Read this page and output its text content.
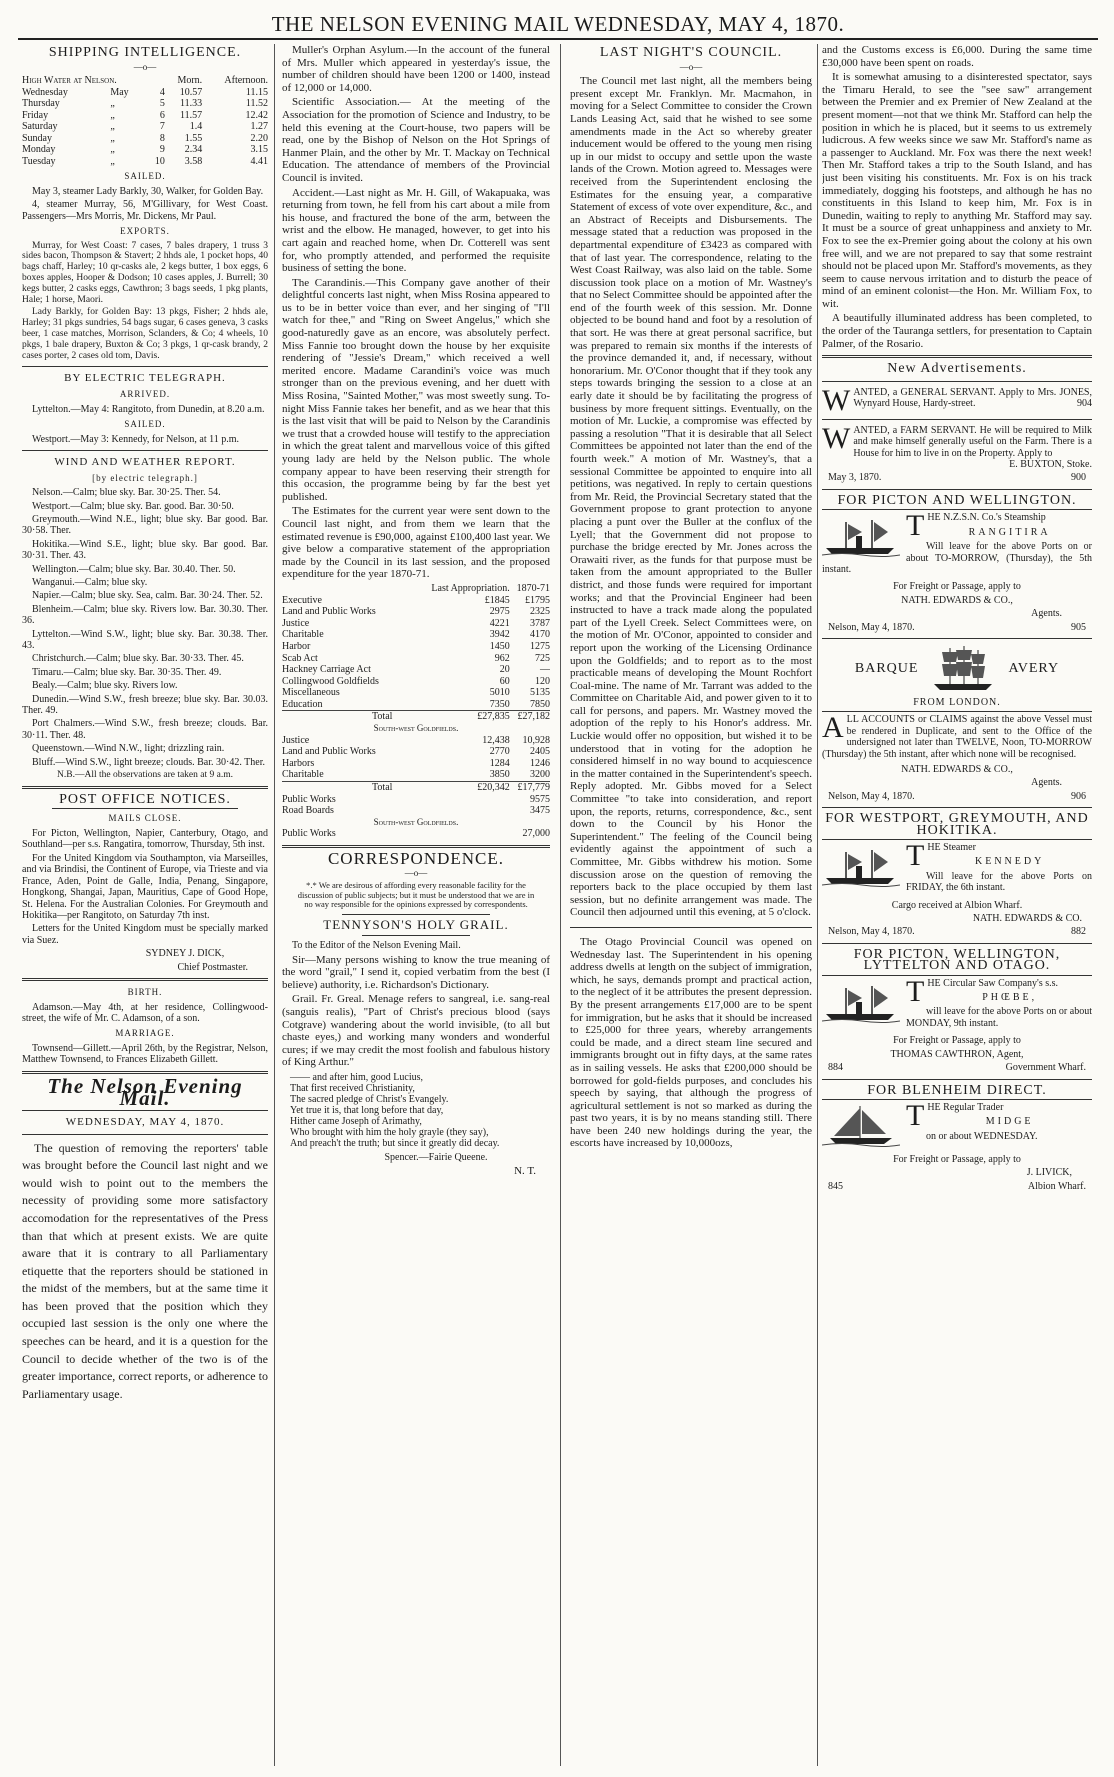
THE NELSON EVENING MAIL WEDNESDAY, MAY 4, 1870.
SHIPPING INTELLIGENCE.
—o—
High Water at Nelson.			Morn.	Afternoon.
Wednesday	May	4	10.57	11.15
Thursday	„	5	11.33	11.52
Friday	„	6	11.57	12.42
Saturday	„	7	1.4	1.27
Sunday	„	8	1.55	2.20
Monday	„	9	2.34	3.15
Tuesday	„	10	3.58	4.41
SAILED.

May 3, steamer Lady Barkly, 30, Walker, for Golden Bay.

4, steamer Murray, 56, M'Gillivary, for West Coast. Passengers—Mrs Morris, Mr. Dickens, Mr Paul.

EXPORTS.

Murray, for West Coast: 7 cases, 7 bales drapery, 1 truss 3 sides bacon, Thompson & Stavert; 2 hhds ale, 1 pocket hops, 40 bags chaff, Harley; 10 qr-casks ale, 2 kegs butter, 1 box eggs, 6 boxes apples, Hooper & Dodson; 10 cases apples, J. Burrell; 30 kegs butter, 2 casks eggs, Cawthron; 3 bags seeds, 1 pkg plants, Hale; 1 horse, Maori.

Lady Barkly, for Golden Bay: 13 pkgs, Fisher; 2 hhds ale, Harley; 31 pkgs sundries, 54 bags sugar, 6 cases geneva, 3 casks beer, 1 case matches, Morrison, Sclanders, & Co; 4 wheels, 10 pkgs, 1 bale drapery, Buxton & Co; 3 pkgs, 1 qr-cask brandy, 2 cases porter, 2 cases old tom, Davis.

BY ELECTRIC TELEGRAPH.
ARRIVED.

Lyttelton.—May 4: Rangitoto, from Dunedin, at 8.20 a.m.

SAILED.

Westport.—May 3: Kennedy, for Nelson, at 11 p.m.

WIND AND WEATHER REPORT.
[by electric telegraph.]

Nelson.—Calm; blue sky. Bar. 30·25. Ther. 54.

Westport.—Calm; blue sky. Bar. good. Bar. 30·50.

Greymouth.—Wind N.E., light; blue sky. Bar good. Bar. 30·58. Ther.

Hokitika.—Wind S.E., light; blue sky. Bar good. Bar. 30·31. Ther. 43.

Wellington.—Calm; blue sky. Bar. 30.40. Ther. 50.

Wanganui.—Calm; blue sky.

Napier.—Calm; blue sky. Sea, calm. Bar. 30·24. Ther. 52.

Blenheim.—Calm; blue sky. Rivers low. Bar. 30.30. Ther. 36.

Lyttelton.—Wind S.W., light; blue sky. Bar. 30.38. Ther. 43.

Christchurch.—Calm; blue sky. Bar. 30·33. Ther. 45.

Timaru.—Calm; blue sky. Bar. 30·35. Ther. 49.

Bealy.—Calm; blue sky. Rivers low.

Dunedin.—Wind S.W., fresh breeze; blue sky. Bar. 30.03. Ther. 49.

Port Chalmers.—Wind S.W., fresh breeze; clouds. Bar. 30·11. Ther. 48.

Queenstown.—Wind N.W., light; drizzling rain.

Bluff.—Wind S.W., light breeze; clouds. Bar. 30·42. Ther.

N.B.—All the observations are taken at 9 a.m.

POST OFFICE NOTICES.
MAILS CLOSE.

For Picton, Wellington, Napier, Canterbury, Otago, and Southland—per s.s. Rangatira, tomorrow, Thursday, 5th inst.

For the United Kingdom via Southampton, via Marseilles, and via Brindisi, the Continent of Europe, via Trieste and via France, Aden, Point de Galle, India, Penang, Singapore, Hongkong, Shangai, Japan, Mauritius, Cape of Good Hope, St. Helena. For the Australian Colonies. For Greymouth and Hokitika—per Rangitoto, on Saturday 7th inst.

Letters for the United Kingdom must be specially marked via Suez.

SYDNEY J. DICK,

Chief Postmaster.

BIRTH.

Adamson.—May 4th, at her residence, Collingwood-street, the wife of Mr. C. Adamson, of a son.

MARRIAGE.

Townsend—Gillett.—April 26th, by the Registrar, Nelson, Matthew Townsend, to Frances Elizabeth Gillett.

The Nelson Evening Mail.
WEDNESDAY, MAY 4, 1870.

The question of removing the reporters' table was brought before the Council last night and we would wish to point out to the members the necessity of providing some more satisfactory accomodation for the representatives of the Press than that which at present exists. We are quite aware that it is contrary to all Parliamentary etiquette that the reporters should be stationed in the midst of the members, but at the same time it has been proved that the position which they occupied last session is the only one where the speeches can be heard, and it is a question for the Council to decide whether of the two is of the greater importance, correct reports, or adherence to Parliamentary usage.

Muller's Orphan Asylum.—In the account of the funeral of Mrs. Muller which appeared in yesterday's issue, the number of children should have been 1200 or 1400, instead of 12,000 or 14,000.

Scientific Association.— At the meeting of the Association for the promotion of Science and Industry, to be held this evening at the Court-house, two papers will be read, one by the Bishop of Nelson on the Hot Springs of Hanmer Plain, and the other by Mr. T. Mackay on Technical Education. The attendance of members of the Provincial Council is invited.

Accident.—Last night as Mr. H. Gill, of Wakapuaka, was returning from town, he fell from his cart about a mile from his house, and fractured the bone of the arm, between the wrist and the elbow. He managed, however, to get into his cart again and reached home, when Dr. Cotterell was sent for, who promptly attended, and performed the requisite business of setting the bone.

The Carandinis.—This Company gave another of their delightful concerts last night, when Miss Rosina appeared to us to be in better voice than ever, and her singing of "I'll watch for thee," and "Ring on Sweet Angelus," which she good-naturedly gave as an encore, was absolutely perfect. Miss Fannie too brought down the house by her exquisite rendering of "Jessie's Dream," which received a well merited encore. Madame Carandini's voice was much stronger than on the previous evening, and her duett with Miss Rosina, "Sainted Mother," was most sweetly sung. To-night Miss Fannie takes her benefit, and as we hear that this is the last visit that will be paid to Nelson by the Carandinis we trust that a crowded house will testify to the appreciation in which the great talent and marvellous voice of this gifted young lady are held by the Nelson public. The whole company appear to have been reserving their strength for this occasion, the programme being by far the best yet published.

The Estimates for the current year were sent down to the Council last night, and from them we learn that the estimated revenue is £90,000, against £100,400 last year. We give below a comparative statement of the appropriation made by the Council in its last session, and the proposed expenditure for the year 1870-71.

	Last Appropriation.	1870-71
Executive	£1845	£1795
Land and Public Works	2975	2325
Justice	4221	3787
Charitable	3942	4170
Harbor	1450	1275
Scab Act	962	725
Hackney Carriage Act	20	—
Collingwood Goldfields	60	120
Miscellaneous	5010	5135
Education	7350	7850
Total	£27,835	£27,182
South-west Goldfields.		
Justice	12,438	10,928
Land and Public Works	2770	2405
Harbors	1284	1246
Charitable	3850	3200
Total	£20,342	£17,779
Public Works		9575
Road Boards		3475
South-west Goldfields.		
Public Works		27,000
CORRESPONDENCE.
—o—

*.* We are desirous of affording every reasonable facility for the discussion of public subjects; but it must be understood that we are in no way responsible for the opinions expressed by correspondents.

TENNYSON'S HOLY GRAIL.

To the Editor of the Nelson Evening Mail.

Sir—Many persons wishing to know the true meaning of the word "grail," I send it, copied verbatim from the best (I believe) authority, i.e. Richardson's Dictionary.

Grail. Fr. Greal. Menage refers to sangreal, i.e. sang-real (sanguis realis), "Part of Christ's precious blood (says Cotgrave) wandering about the world invisible, (to all but chaste eyes,) and working many wonders and wonderful cures; if we may credit the most foolish and fabulous history of King Arthur."

—— and after him, good Lucius,
That first received Christianity,
The sacred pledge of Christ's Evangely.
Yet true it is, that long before that day,
Hither came Joseph of Arimathy,
Who brought with him the holy grayle (they say),
And preach't the truth; but since it greatly did decay.

Spencer.—Fairie Queene.

N. T.

LAST NIGHT'S COUNCIL.
—o—

The Council met last night, all the members being present except Mr. Franklyn. Mr. Macmahon, in moving for a Select Committee to consider the Crown Lands Leasing Act, said that he wished to see some amendments made in the Act so whereby greater inducement would be offered to the young men rising up in our midst to occupy and settle upon the waste lands of the Crown. Motion agreed to. Messages were received from the Superintendent enclosing the Estimates for the ensuing year, a comparative Statement of excess of vote over expenditure, &c., and an Abstract of Receipts and Disbursements. The message stated that a reduction was proposed in the departmental expenditure of £3423 as compared with that of last year. The correspondence, relating to the West Coast Railway, was also laid on the table. Some discussion took place on a motion of Mr. Wastney's that no Select Committee should be appointed after the end of the fourth week of this session. Mr. Donne objected to be bound hand and foot by a resolution of that sort. He was there at great personal sacrifice, but was prepared to remain six months if the interests of the province demanded it, and, if necessary, without honorarium. Mr. O'Conor thought that if they took any steps towards bringing the session to a close at an early date it should be by facilitating the progress of business by more frequent sittings. Eventually, on the motion of Mr. Luckie, a compromise was effected by passing a resolution "That it is desirable that all Select Committees be appointed not later than the end of the fourth week." A motion of Mr. Wastney's, that a sessional Committee be appointed to enquire into all petitions, was negatived. In reply to certain questions from Mr. Reid, the Provincial Secretary stated that the Government propose to grant protection to anyone placing a punt over the Buller at the conflux of the Lyell; that the Government did not propose to purchase the bridge erected by Mr. Jones across the Orawaiti river, as the funds for that purpose must be taken from the amount appropriated to the Buller district, and those funds were required for important works; and that the Provincial Engineer had been instructed to have a track made along the populated part of the Lyell Creek. Select Committees were, on the motion of Mr. O'Conor, appointed to consider and report upon the working of the Licensing Ordinance upon the Goldfields; and to report as to the most practicable means of developing the Mount Rochfort Coal-mine. The name of Mr. Tarrant was added to the Committee on Charitable Aid, and power given to it to call for persons, and papers. Mr. Wastney moved the adoption of the reply to his Honor's address. Mr. Luckie would offer no opposition, but wished it to be understood that in voting for the adoption he considered himself in no way bound to acquiescence in the matter contained in the Superintendent's speech. Reply adopted. Mr. Gibbs moved for a Select Committee "to take into consideration, and report upon, the reports, returns, correspondence, &c., sent down to the Council by his Honor the Superintendent." The feeling of the Council being evidently against the appointment of such a Committee, Mr. Gibbs withdrew his motion. Some discussion arose on the question of removing the reporters back to the place occupied by them last session, but no definite arrangement was made. The Council then adjourned until this evening, at 5 o'clock.

The Otago Provincial Council was opened on Wednesday last. The Superintendent in his opening address dwells at length on the subject of immigration, which, he says, demands prompt and practical action, to the neglect of it be attributes the present depression. By the present arrangements £17,000 are to be spent for immigration, but he asks that it should be increased to £25,000 for three years, whereby arrangements could be made, and a direct steam line secured and immigrants brought out in fifty days, at the same rates as in sailing vessels. He asks that £200,000 should be borrowed for gold-fields purposes, and concludes his speech by saying, that although the progress of agricultural settlement is not so marked as during the past two years, it is by no means standing still. There have been 240 new holdings during the year, the escorts have increased by 10,000ozs,

and the Customs excess is £6,000. During the same time £30,000 have been spent on roads.

It is somewhat amusing to a disinterested spectator, says the Timaru Herald, to see the "see saw" arrangement between the Premier and ex Premier of New Zealand at the present moment—not that we think Mr. Stafford can help the position in which he is placed, but it seems to us extremely ludicrous. A few weeks since we saw Mr. Stafford's name as a passenger to Auckland. Mr. Fox was there the next week! Then Mr. Stafford takes a trip to the South Island, and has just been visiting his constituents. Mr. Fox is on his track immediately, dogging his footsteps, and although he has no constituents in this Island to keep him, Mr. Fox is in Dunedin, waiting to reply to anything Mr. Stafford may say. It must be a source of great unhappiness and anxiety to Mr. Fox to see the ex-Premier going about the colony at his own free will, and we are not prepared to say that some restraint should not be placed upon Mr. Stafford's movements, as they seem to cause nervous irritation and to disturb the peace of mind of an eminent colonist—the Hon. Mr. William Fox, to wit.

A beautifully illuminated address has been completed, to the order of the Tauranga settlers, for presentation to Captain Palmer, of the Rosario.

New Advertisements.
W ANTED, a GENERAL SERVANT. Apply to Mrs. JONES, Wynyard House, Hardy-street.	904
W ANTED, a FARM SERVANT. He will be required to Milk and make himself generally useful on the Farm. There is a House for him to live in on the Property. Apply to

E. BUXTON, Stoke.

May 3, 1870.	900
FOR PICTON AND WELLINGTON.
T HE N.Z.S.N. Co.'s Steamship
RANGITIRA

Will leave for the above Ports on or about TO-MORROW, (Thursday), the 5th instant.

For Freight or Passage, apply to

NATH. EDWARDS & CO.,

Agents.

Nelson, May 4, 1870.	905
BARQUE	AVERY
FROM LONDON.
A LL ACCOUNTS or CLAIMS against the above Vessel must be rendered in Duplicate, and sent to the Office of the undersigned not later than TWELVE, Noon, TO-MORROW (Thursday) the 5th instant, after which none will be recognised.

NATH. EDWARDS & CO.,

Agents.

Nelson, May 4, 1870.	906
FOR WESTPORT, GREYMOUTH, AND HOKITIKA.
T HE Steamer
KENNEDY

Will leave for the above Ports on FRIDAY, the 6th instant.

Cargo received at Albion Wharf.

NATH. EDWARDS & CO.

Nelson, May 4, 1870.	882
FOR PICTON, WELLINGTON, LYTTELTON AND OTAGO.
T HE Circular Saw Company's s.s.
PHŒBE,

will leave for the above Ports on or about MONDAY, 9th instant.

For Freight or Passage, apply to

THOMAS CAWTHRON, Agent,

884	Government Wharf.
FOR BLENHEIM DIRECT.
T HE Regular Trader
MIDGE

on or about WEDNESDAY.

For Freight or Passage, apply to

J. LIVICK,

845	Albion Wharf.
